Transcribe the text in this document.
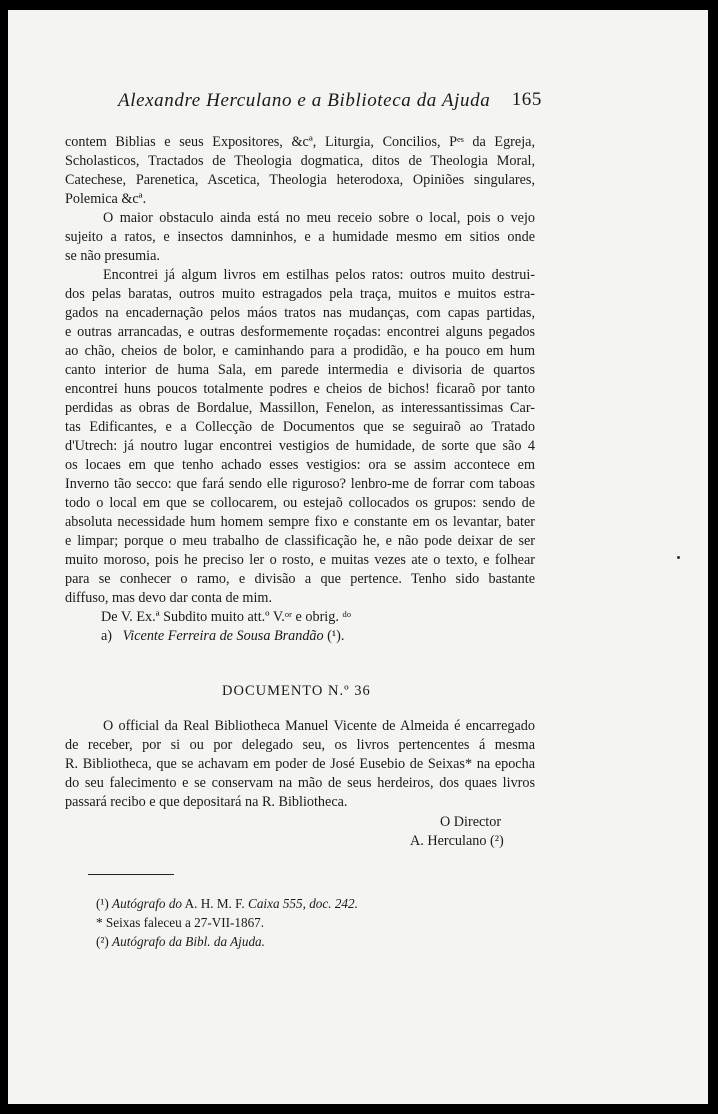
Alexandre Herculano e a Biblioteca da Ajuda 165
contem Biblias e seus Expositores, &cª, Liturgia, Concilios, Pᵉˢ da Egreja,
Scholasticos, Tractados de Theologia dogmatica, ditos de Theologia Moral,
Catechese, Parenetica, Ascetica, Theologia heterodoxa, Opiniões singulares,
Polemica &cª.
O maior obstaculo ainda está no meu receio sobre o local, pois o vejo
sujeito a ratos, e insectos damninhos, e a humidade mesmo em sitios onde
se não presumia.
Encontrei já algum livros em estilhas pelos ratos: outros muito destrui-
dos pelas baratas, outros muito estragados pela traça, muitos e muitos estra-
gados na encadernação pelos máos tratos nas mudanças, com capas partidas,
e outras arrancadas, e outras desformemente roçadas: encontrei alguns pegados
ao chão, cheios de bolor, e caminhando para a prodidão, e ha pouco em hum
canto interior de huma Sala, em parede intermedia e divisoria de quartos
encontrei huns poucos totalmente podres e cheios de bichos! ficaraõ por tanto
perdidas as obras de Bordalue, Massillon, Fenelon, as interessantissimas Car-
tas Edificantes, e a Collecção de Documentos que se seguiraõ ao Tratado
d'Utrech: já noutro lugar encontrei vestigios de humidade, de sorte que são 4
os locaes em que tenho achado esses vestigios: ora se assim accontece em
Inverno tão secco: que fará sendo elle riguroso? lenbro-me de forrar com taboas
todo o local em que se collocarem, ou estejaõ collocados os grupos: sendo de
absoluta necessidade hum homem sempre fixo e constante em os levantar, bater
e limpar; porque o meu trabalho de classificação he, e não pode deixar de ser
muito moroso, pois he preciso ler o rosto, e muitas vezes ate o texto, e folhear
para se conhecer o ramo, e divisão a que pertence. Tenho sido bastante
diffuso, mas devo dar conta de mim.
De V. Ex.ª Subdito muito att.º V.ᵒʳ e obrig. ᵈᵒ
a) Vicente Ferreira de Sousa Brandão (¹).
DOCUMENTO N.º 36
O official da Real Bibliotheca Manuel Vicente de Almeida é encarregado
de receber, por si ou por delegado seu, os livros pertencentes á mesma
R. Bibliotheca, que se achavam em poder de José Eusebio de Seixas* na epocha
do seu falecimento e se conservam na mão de seus herdeiros, dos quaes livros
passará recibo e que depositará na R. Bibliotheca.
O Director
A. Herculano (²)
(¹) Autógrafo do A. H. M. F. Caixa 555, doc. 242.
* Seixas faleceu a 27-VII-1867.
(²) Autógrafo da Bibl. da Ajuda.
